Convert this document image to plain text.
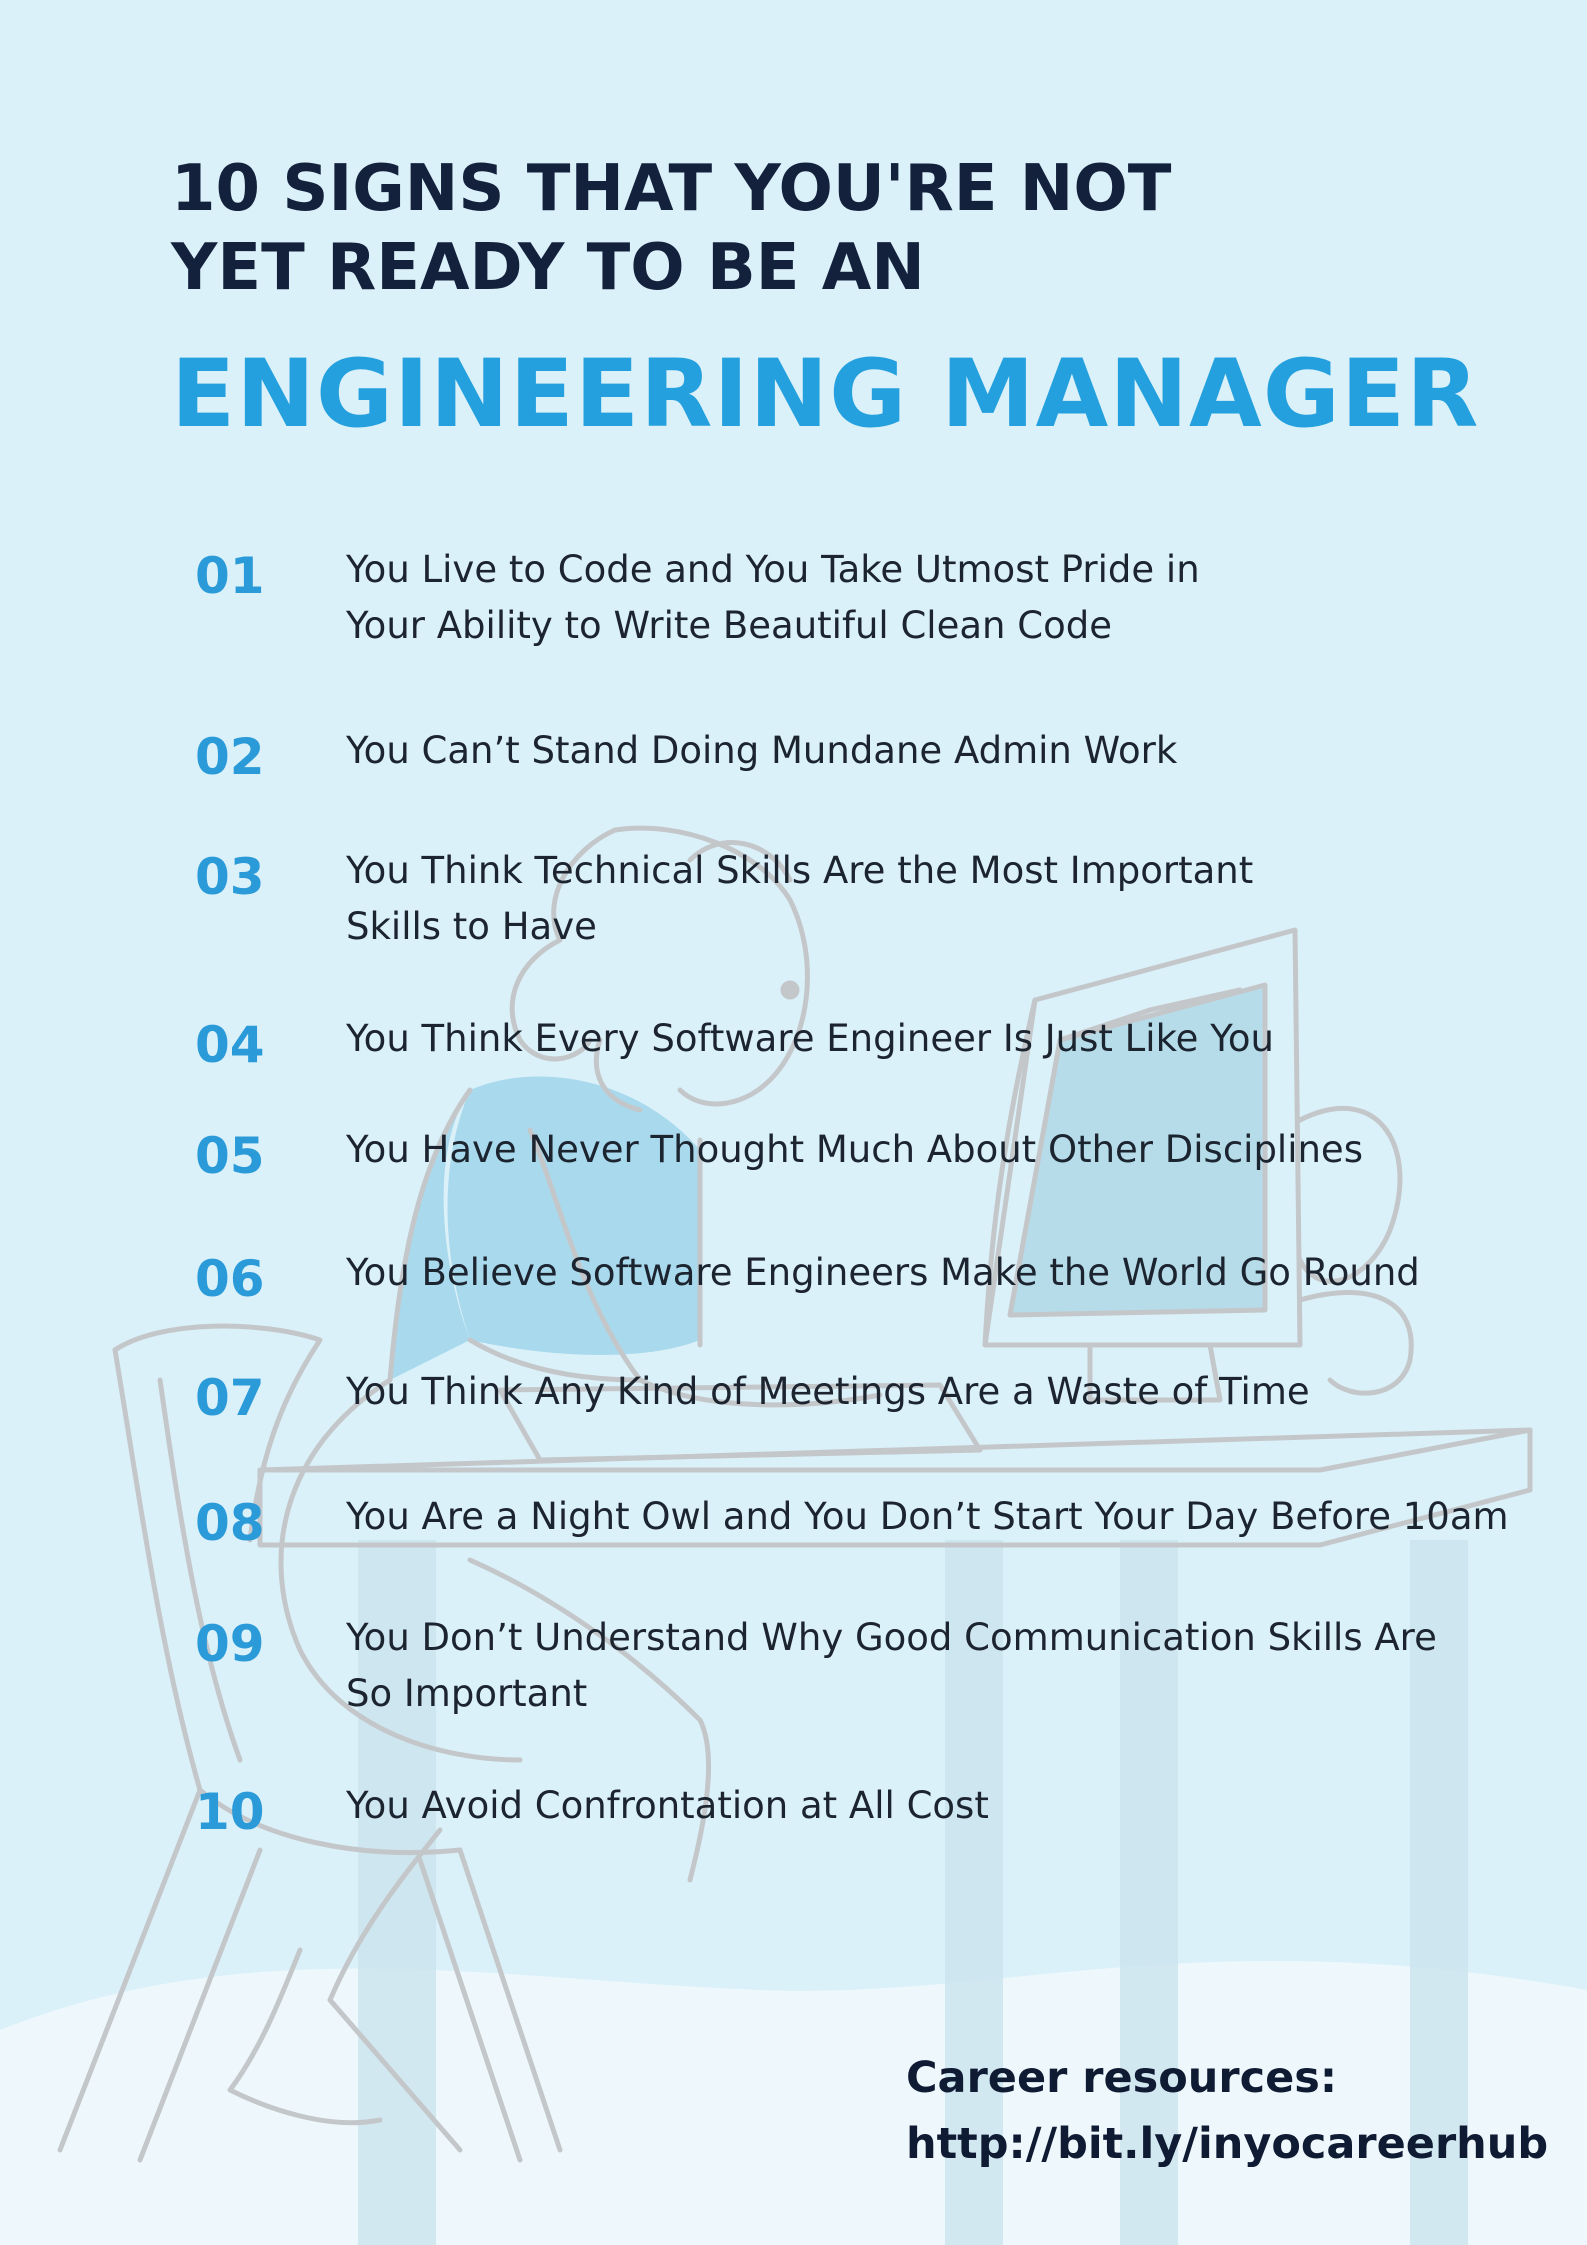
10 SIGNS THAT YOU'RE NOT
YET READY TO BE AN
ENGINEERING MANAGER
01	You Live to Code and You Take Utmost Pride in
Your Ability to Write Beautiful Clean Code
02	You Can’t Stand Doing Mundane Admin Work
03	You Think Technical Skills Are the Most Important
Skills to Have
04	You Think Every Software Engineer Is Just Like You
05	You Have Never Thought Much About Other Disciplines
06	You Believe Software Engineers Make the World Go Round
07	You Think Any Kind of Meetings Are a Waste of Time
08	You Are a Night Owl and You Don’t Start Your Day Before 10am
09	You Don’t Understand Why Good Communication Skills Are
So Important
10	You Avoid Confrontation at All Cost
Career resources:
http://bit.ly/inyocareerhub
